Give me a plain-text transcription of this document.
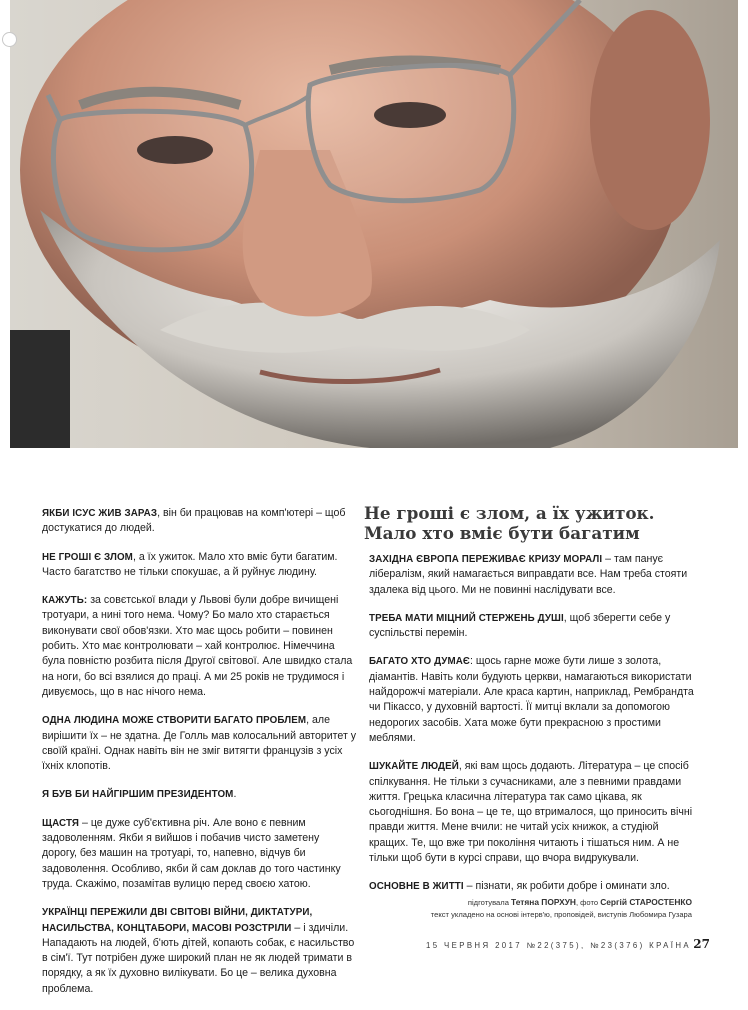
Не гроші є злом, а їх ужиток.
Мало хто вміє бути багатим

ЯКБИ ІСУС ЖИВ ЗАРАЗ, він би працював на комп'ютері – щоб достукатися до людей.

НЕ ГРОШІ Є ЗЛОМ, а їх ужиток. Мало хто вміє бути багатим. Часто багатство не тільки спокушає, а й руйнує людину.

КАЖУТЬ: за совєтської влади у Львові були добре вичищені тротуари, а нині того нема. Чому? Бо мало хто старається виконувати свої обов'язки. Хто має щось робити – повинен робить. Хто має контролювати – хай контролює. Німеччина була повністю розбита після Другої світової. Але швидко стала на ноги, бо всі взялися до праці. А ми 25 років не трудимося і дивуємось, що в нас нічого нема.

ОДНА ЛЮДИНА МОЖЕ СТВОРИТИ БАГАТО ПРОБЛЕМ, але вирішити їх – не здатна. Де Голль мав колосальний авторитет у своїй країні. Однак навіть він не зміг витягти французів з усіх їхніх клопотів.

Я БУВ БИ НАЙГІРШИМ ПРЕЗИДЕНТОМ.

ЩАСТЯ – це дуже суб'єктивна річ. Але воно є певним задоволенням. Якби я вийшов і побачив чисто заметену дорогу, без машин на тротуарі, то, напевно, відчув би задоволення. Особливо, якби й сам доклав до того частинку труда. Скажімо, позамітав вулицю перед своєю хатою.

УКРАЇНЦІ ПЕРЕЖИЛИ ДВІ СВІТОВІ ВІЙНИ, ДИКТАТУРИ, НАСИЛЬСТВА, КОНЦТАБОРИ, МАСОВІ РОЗСТРІЛИ – і здичіли. Нападають на людей, б'ють дітей, копають собак, є насильство в сім'ї. Тут потрібен дуже широкий план не як людей тримати в порядку, а як їх духовно вилікувати. Бо це – велика духовна проблема.

ЗАХІДНА ЄВРОПА ПЕРЕЖИВАЄ КРИЗУ МОРАЛІ – там панує лібералізм, який намагається виправдати все. Нам треба стояти здалека від цього. Ми не повинні наслідувати все.

ТРЕБА МАТИ МІЦНИЙ СТЕРЖЕНЬ ДУШІ, щоб зберегти себе у суспільстві перемін.

БАГАТО ХТО ДУМАЄ: щось гарне може бути лише з золота, діамантів. Навіть коли будують церкви, намагаються використати найдорожчі матеріали. Але краса картин, наприклад, Рембрандта чи Пікассо, у духовній вартості. Її митці вклали за допомогою недорогих засобів. Хата може бути прекрасною з простими меблями.

ШУКАЙТЕ ЛЮДЕЙ, які вам щось додають. Література – це спосіб спілкування. Не тільки з сучасниками, але з певними правдами життя. Грецька класична література так само цікава, як сьогоднішня. Бо вона – це те, що втрималося, що приносить вічні правди життя. Мене вчили: не читай усіх книжок, а студіюй кращих. Те, що вже три покоління читають і тішаться ним. А не тільки щоб бути в курсі справи, що вчора видрукували.

ОСНОВНЕ В ЖИТТІ – пізнати, як робити добре і оминати зло.

підготувала Тетяна ПОРХУН, фото Сергій СТАРОСТЕНКО
текст укладено на основі інтерв'ю, проповідей, виступів Любомира Гузара
15 ЧЕРВНЯ 2017 №22(375), №23(376) КРАЇНА 27
